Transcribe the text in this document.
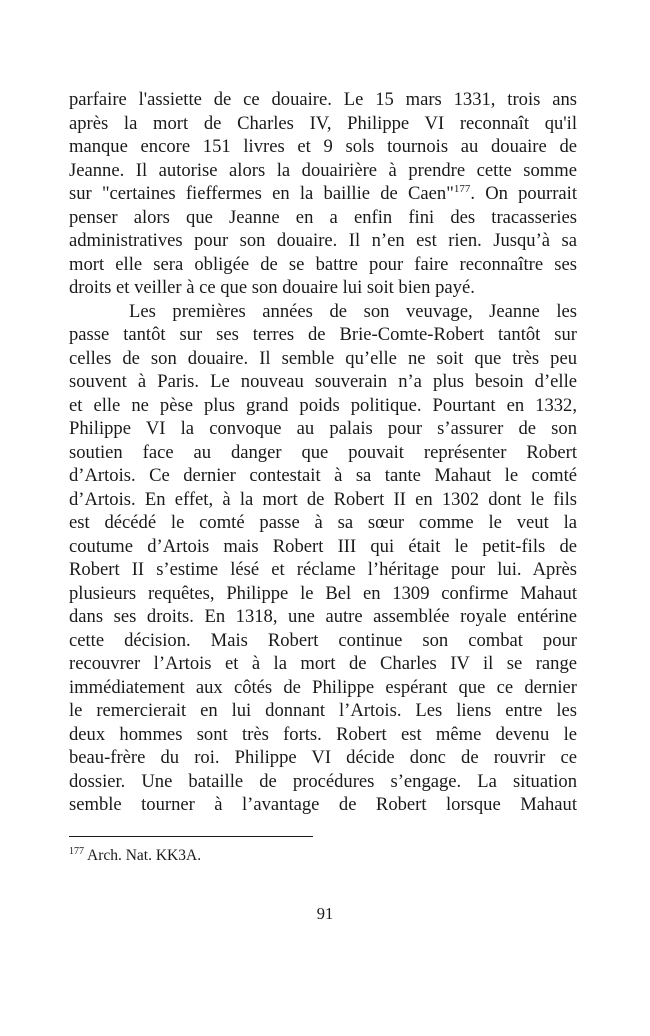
parfaire l'assiette de ce douaire. Le 15 mars 1331, trois ans
après la mort de Charles IV, Philippe VI reconnaît qu'il
manque encore 151 livres et 9 sols tournois au douaire de
Jeanne. Il autorise alors la douairière à prendre cette somme
sur "certaines fieffermes en la baillie de Caen"$^{177}$. On pourrait
penser alors que Jeanne en a enfin fini des tracasseries
administratives pour son douaire. Il n’en est rien. Jusqu’à sa
mort elle sera obligée de se battre pour faire reconnaître ses
droits et veiller à ce que son douaire lui soit bien payé.
Les premières années de son veuvage, Jeanne les
passe tantôt sur ses terres de Brie-Comte-Robert tantôt sur
celles de son douaire. Il semble qu’elle ne soit que très peu
souvent à Paris. Le nouveau souverain n’a plus besoin d’elle
et elle ne pèse plus grand poids politique. Pourtant en 1332,
Philippe VI la convoque au palais pour s’assurer de son
soutien face au danger que pouvait représenter Robert
d’Artois. Ce dernier contestait à sa tante Mahaut le comté
d’Artois. En effet, à la mort de Robert II en 1302 dont le fils
est décédé le comté passe à sa sœur comme le veut la
coutume d’Artois mais Robert III qui était le petit-fils de
Robert II s’estime lésé et réclame l’héritage pour lui. Après
plusieurs requêtes, Philippe le Bel en 1309 confirme Mahaut
dans ses droits. En 1318, une autre assemblée royale entérine
cette décision. Mais Robert continue son combat pour
recouvrer l’Artois et à la mort de Charles IV il se range
immédiatement aux côtés de Philippe espérant que ce dernier
le remercierait en lui donnant l’Artois. Les liens entre les
deux hommes sont très forts. Robert est même devenu le
beau-frère du roi. Philippe VI décide donc de rouvrir ce
dossier. Une bataille de procédures s’engage. La situation
semble tourner à l’avantage de Robert lorsque Mahaut
$^{177}$ Arch. Nat. KK3A.
91
